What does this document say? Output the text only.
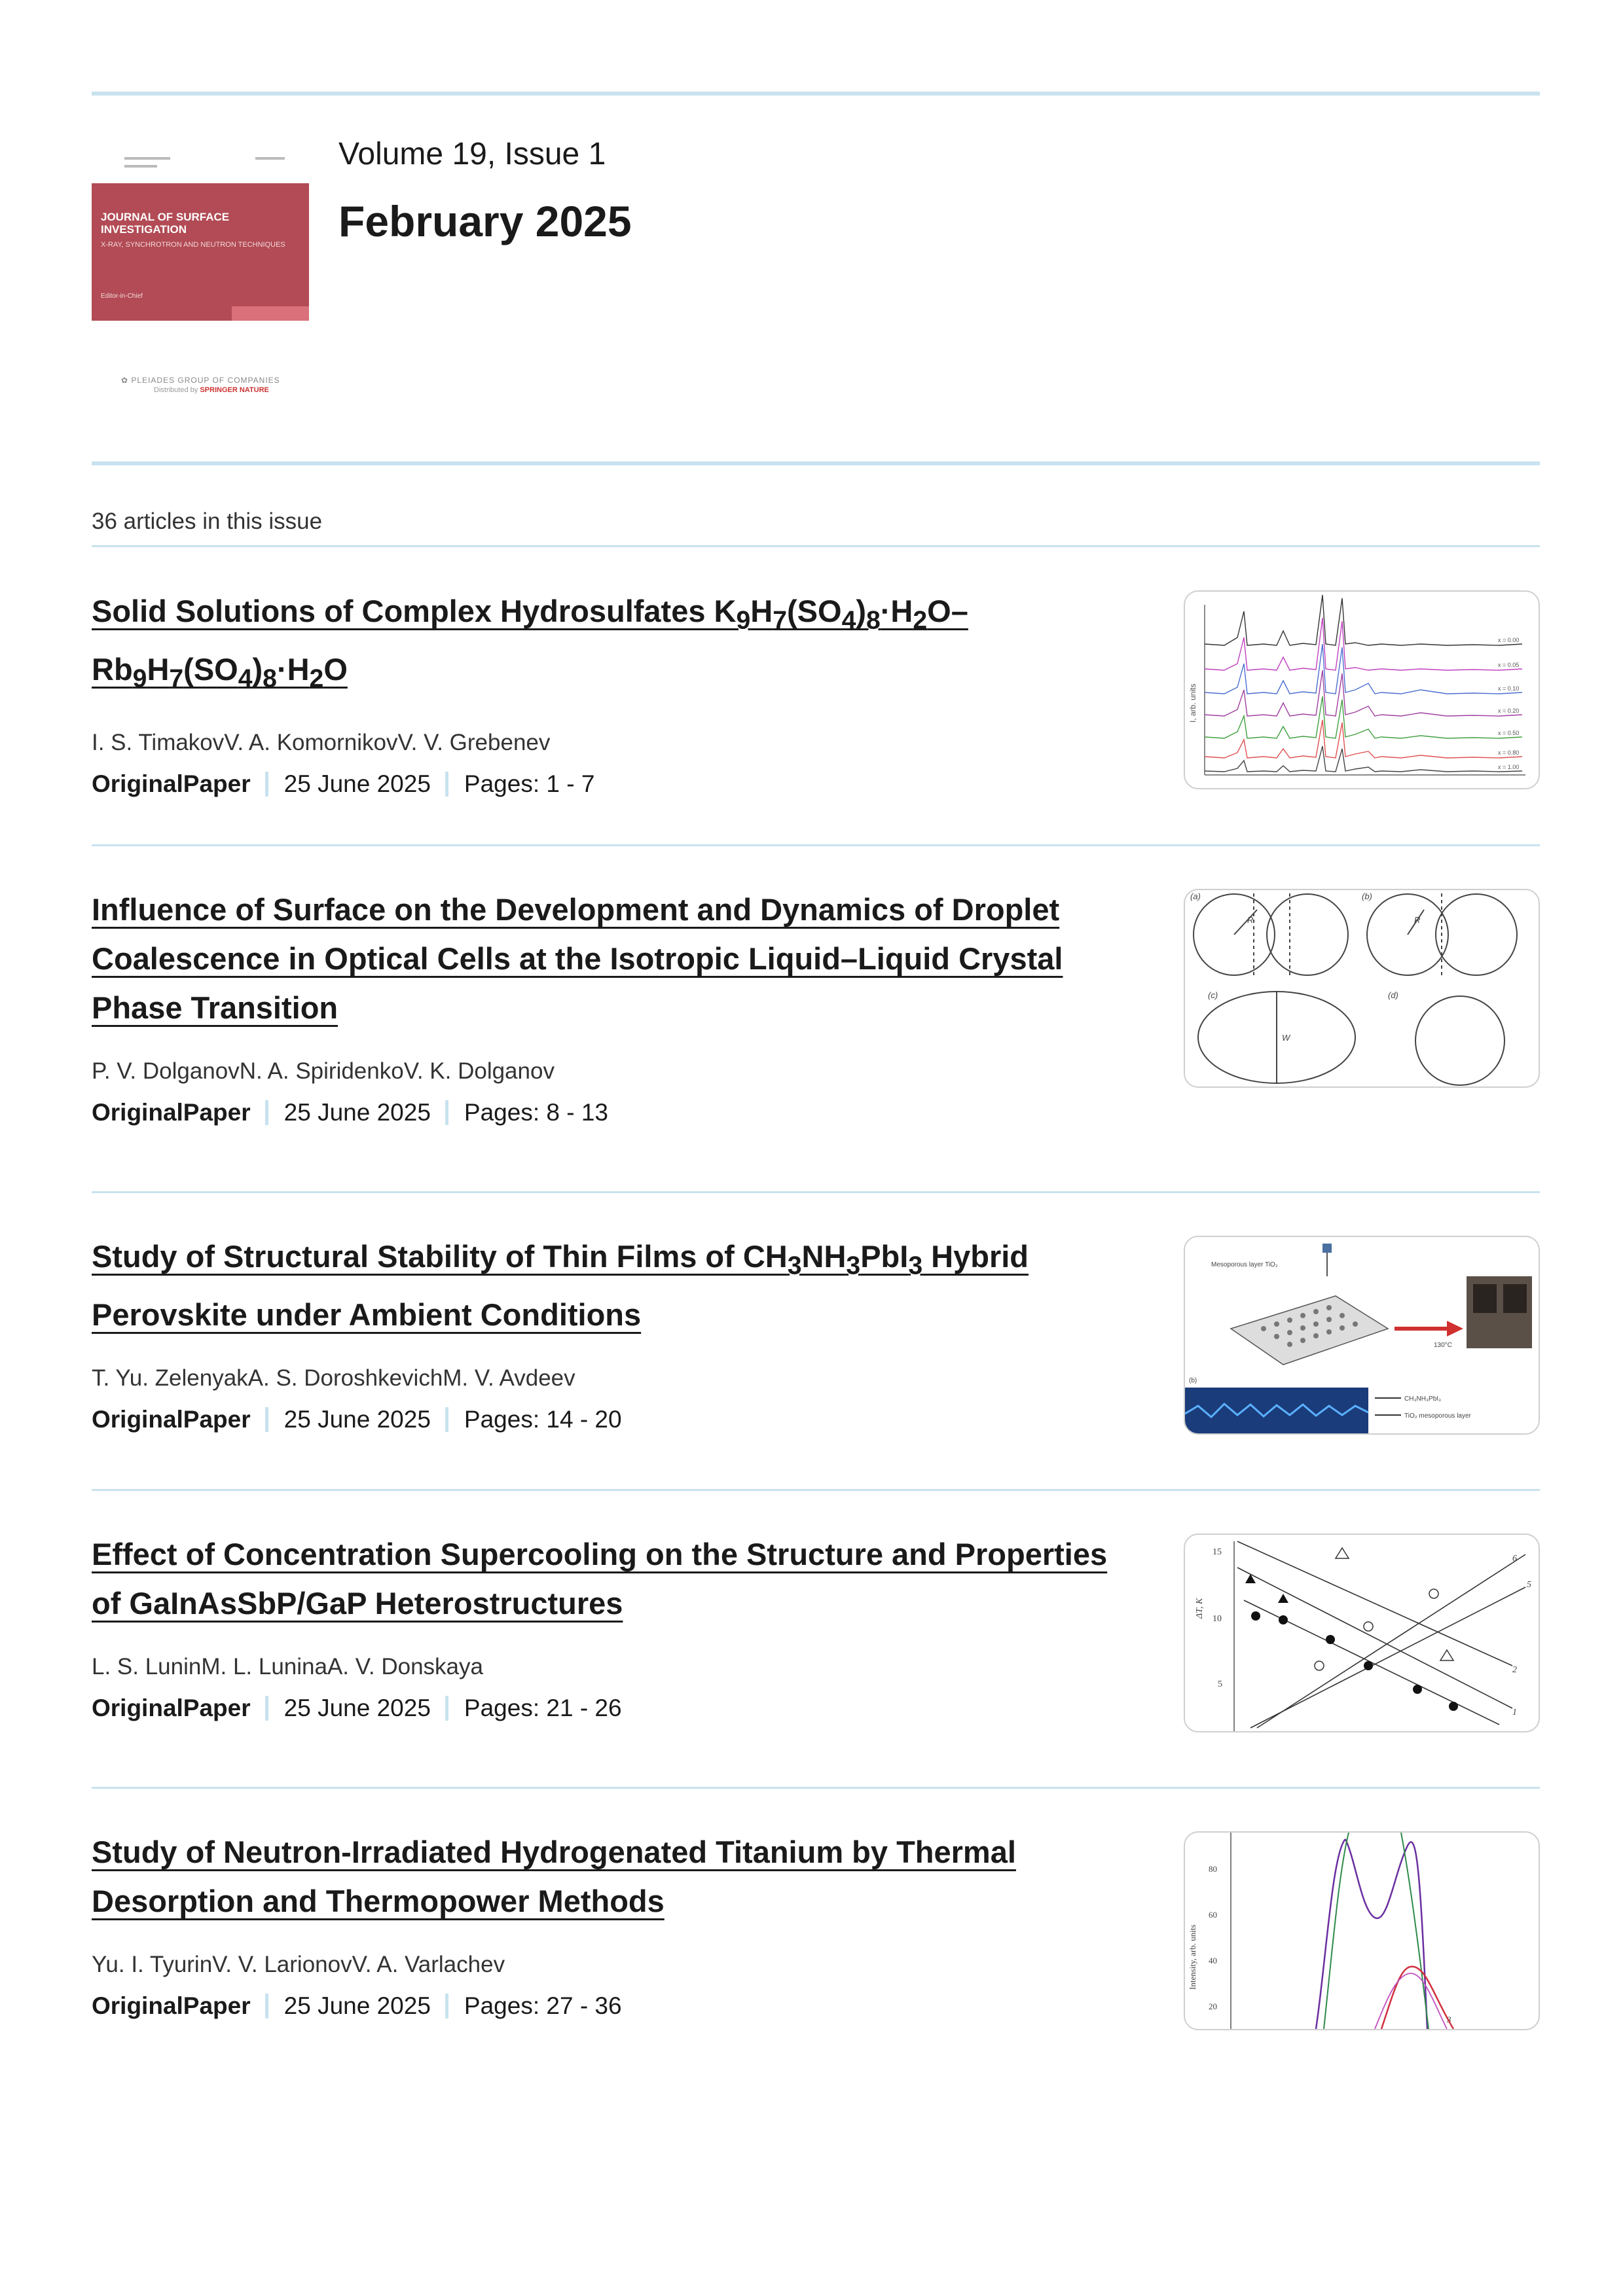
JOURNAL OF SURFACE INVESTIGATION
X-RAY, SYNCHROTRON AND NEUTRON TECHNIQUES
Editor-in-Chief
✿ PLEIADES GROUP OF COMPANIES
Distributed by SPRINGER NATURE
Volume 19, Issue 1
February 2025
36 articles in this issue
Solid Solutions of Complex Hydrosulfates $K_9H_7(SO_4)_8\cdot H_2O-Rb_9H_7(SO_4)_8\cdot H_2O$
I. S. TimakovV. A. KomornikovV. V. Grebenev
OriginalPaper 25 June 2025 Pages: 1 - 7
I, arb. units
x = 0.00
x = 0.05
x = 0.10
x = 0.20
x = 0.50
x = 0.80
x = 1.00
Influence of Surface on the Development and Dynamics of Droplet Coalescence in Optical Cells at the Isotropic Liquid–Liquid Crystal Phase Transition
P. V. DolganovN. A. SpiridenkoV. K. Dolganov
OriginalPaper 25 June 2025 Pages: 8 - 13
(a)	(b)
(c)	(d)
R	R
W
Study of Structural Stability of Thin Films of $CH_3NH_3PbI_3$ Hybrid Perovskite under Ambient Conditions
T. Yu. ZelenyakA. S. DoroshkevichM. V. Avdeev
OriginalPaper 25 June 2025 Pages: 14 - 20
Mesoporous layer TiO₂
130°C
CH₃NH₃PbI₃
TiO₂ mesoporous layer
(b)
Effect of Concentration Supercooling on the Structure and Properties of GaInAsSbP/GaP Heterostructures
L. S. LuninM. L. LuninaA. V. Donskaya
OriginalPaper 25 June 2025 Pages: 21 - 26
15
10
5
ΔT, K
6
5
2
1
Study of Neutron-Irradiated Hydrogenated Titanium by Thermal Desorption and Thermopower Methods
Yu. I. TyurinV. V. LarionovV. A. Varlachev
OriginalPaper 25 June 2025 Pages: 27 - 36
80
60
40
20
Intensity, arb. units
3
